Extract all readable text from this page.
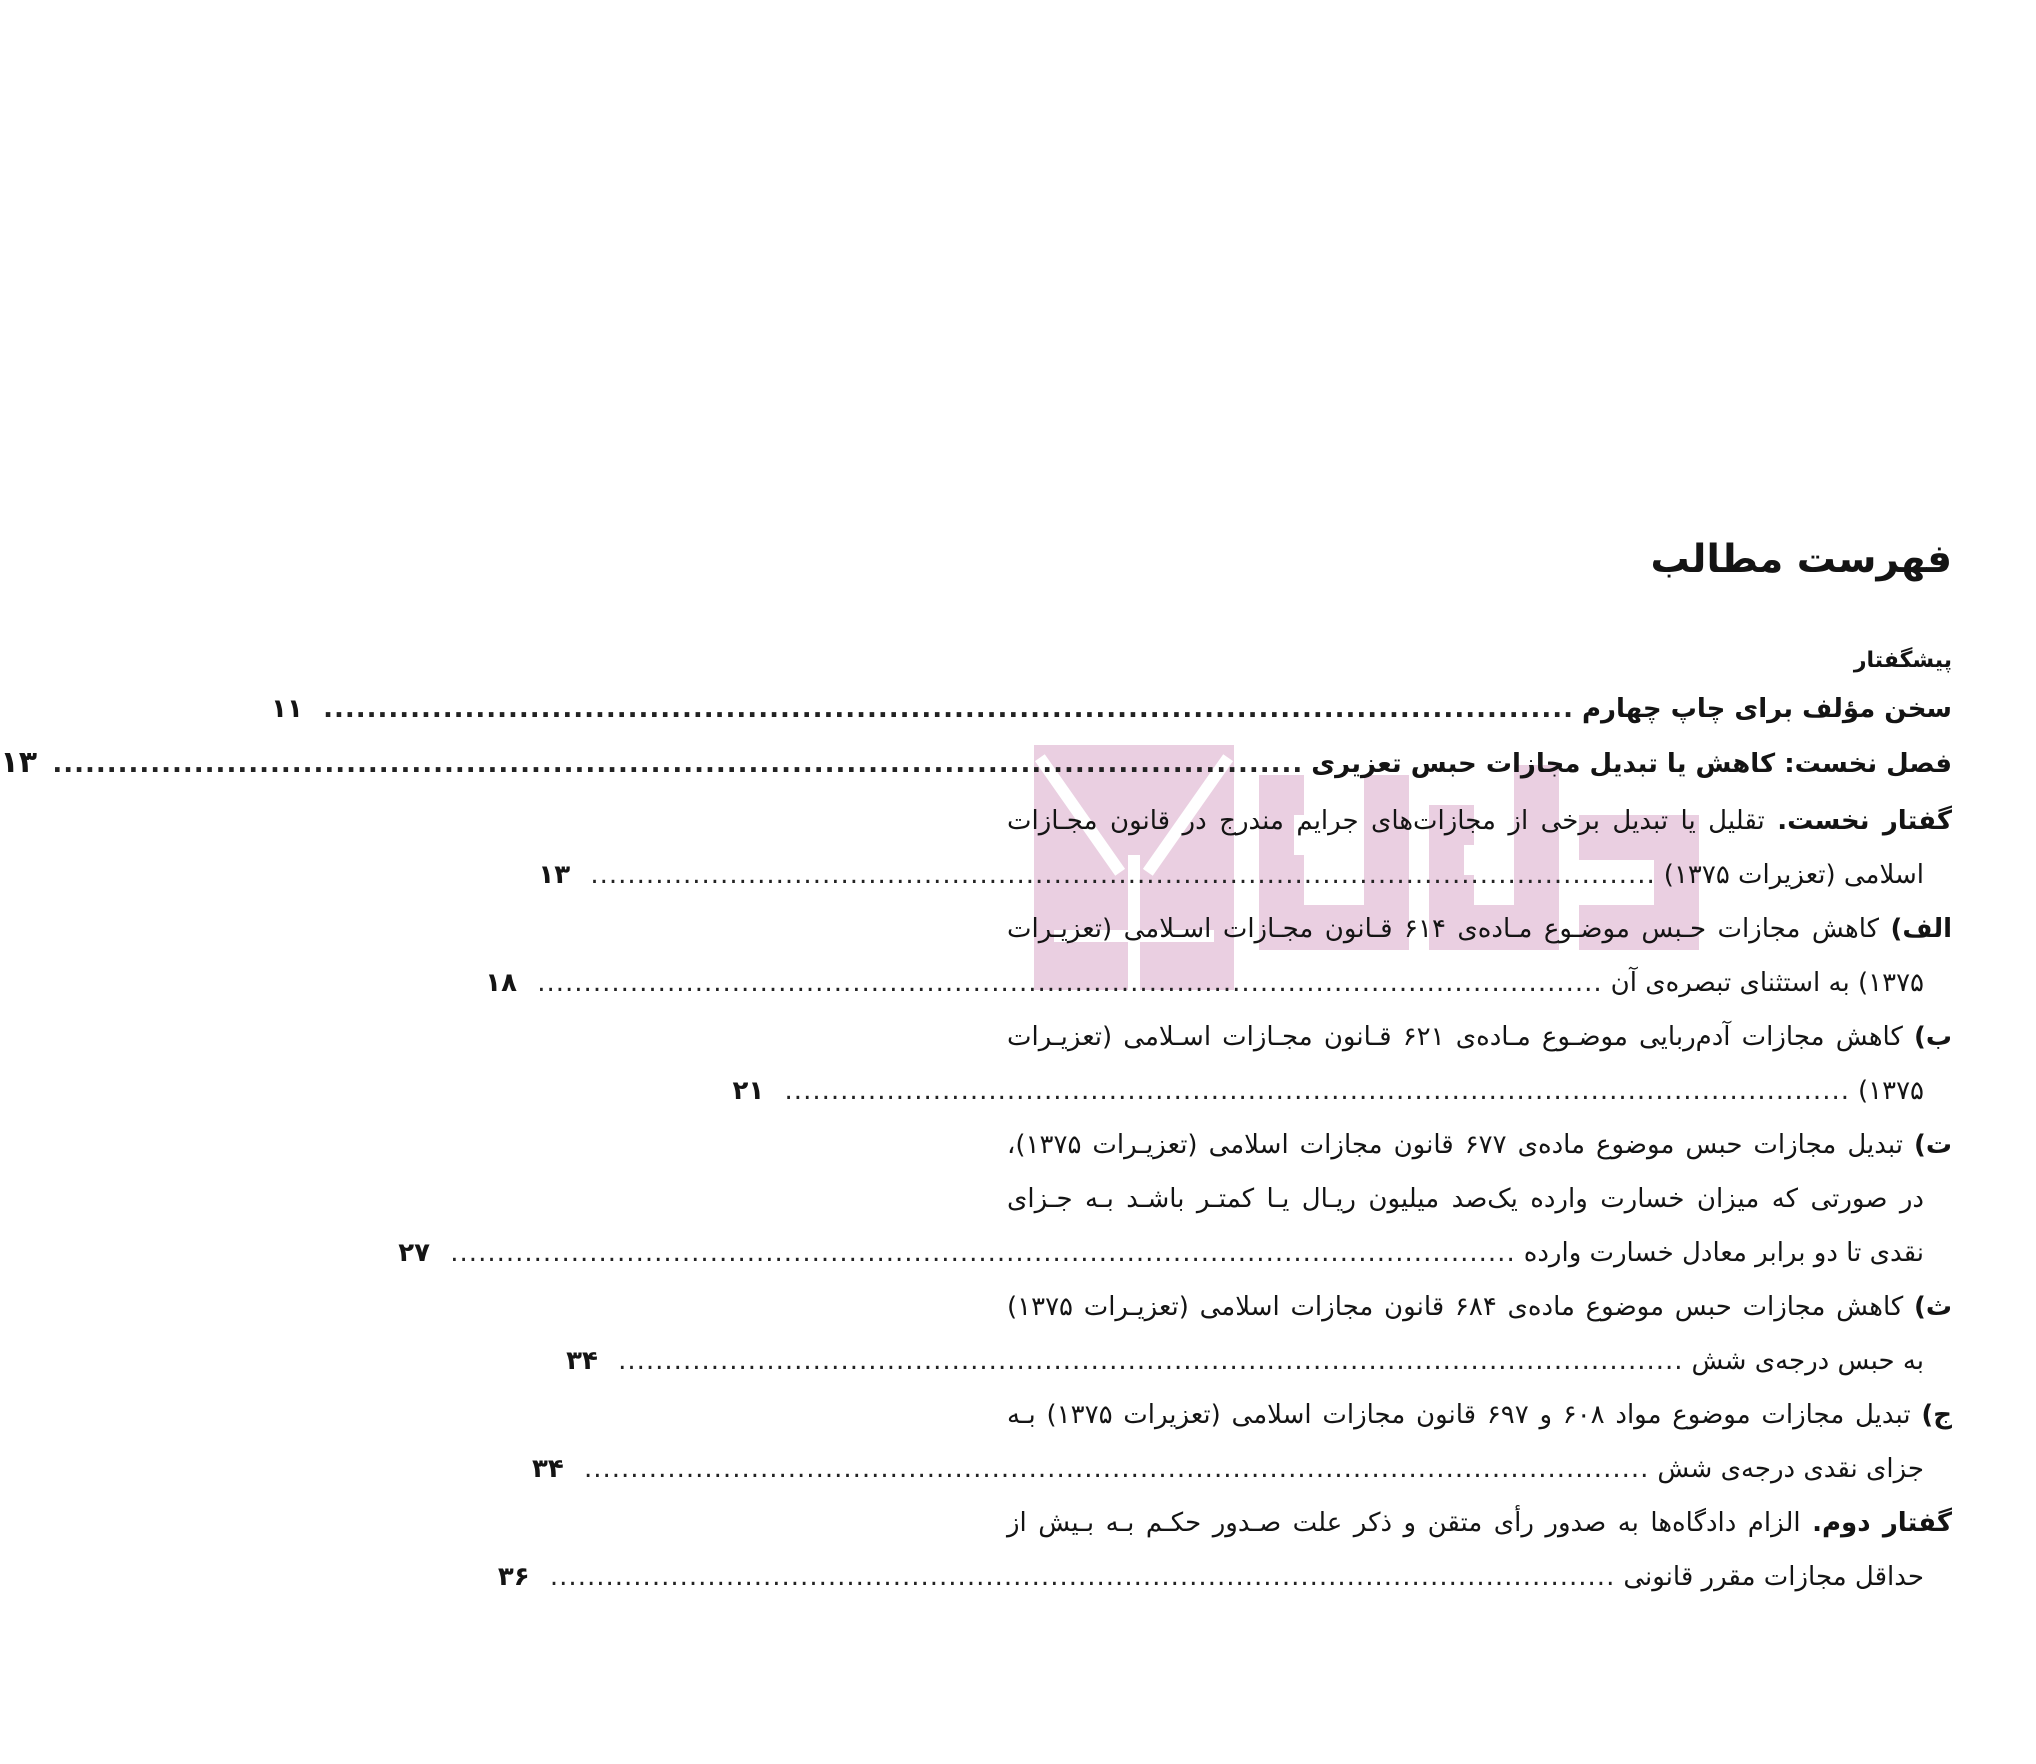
فهرست مطالب
پیشگفتار
سخن مؤلف برای چاپ چهارم
...................................................................................................................
۱۱
فصل نخست: کاهش یا تبدیل مجازات حبس تعزیری
...................................................................................................................
۱۳
گفتار نخست. تقلیل یا تبدیل برخی از مجازات‌های جرایم مندرج در قانون مجـازات
اسلامی (تعزیرات ۱۳۷۵)
...................................................................................................................
۱۳
الف) کاهش مجازات حـبس موضـوع مـاده‌ی ۶۱۴ قـانون مجـازات اسـلامی (تعزیـرات
۱۳۷۵) به استثنای تبصره‌ی آن
...................................................................................................................
۱۸
ب) کاهش مجازات آدم‌ربایی موضـوع مـاده‌ی ۶۲۱ قـانون مجـازات اسـلامی (تعزیـرات
۱۳۷۵)
...................................................................................................................
۲۱
ت) تبدیل مجازات حبس موضوع ماده‌ی ۶۷۷ قانون مجازات اسلامی (تعزیـرات ۱۳۷۵)،
در صورتی که میزان خسارت وارده یک‌صد میلیون ریـال یـا کمتـر باشـد بـه جـزای
نقدی تا دو برابر معادل خسارت وارده
...................................................................................................................
۲۷
ث) کاهش مجازات حبس موضوع ماده‌ی ۶۸۴ قانون مجازات اسلامی (تعزیـرات ۱۳۷۵)
به حبس درجه‌ی شش
...................................................................................................................
۳۴
ج) تبدیل مجازات موضوع مواد ۶۰۸ و ۶۹۷ قانون مجازات اسلامی (تعزیرات ۱۳۷۵) بـه
جزای نقدی درجه‌ی شش
...................................................................................................................
۳۴
گفتار دوم. الزام دادگاه‌ها به صدور رأی متقن و ذکر علت صـدور حکـم بـه بـیش از
حداقل مجازات مقرر قانونی
...................................................................................................................
۳۶
